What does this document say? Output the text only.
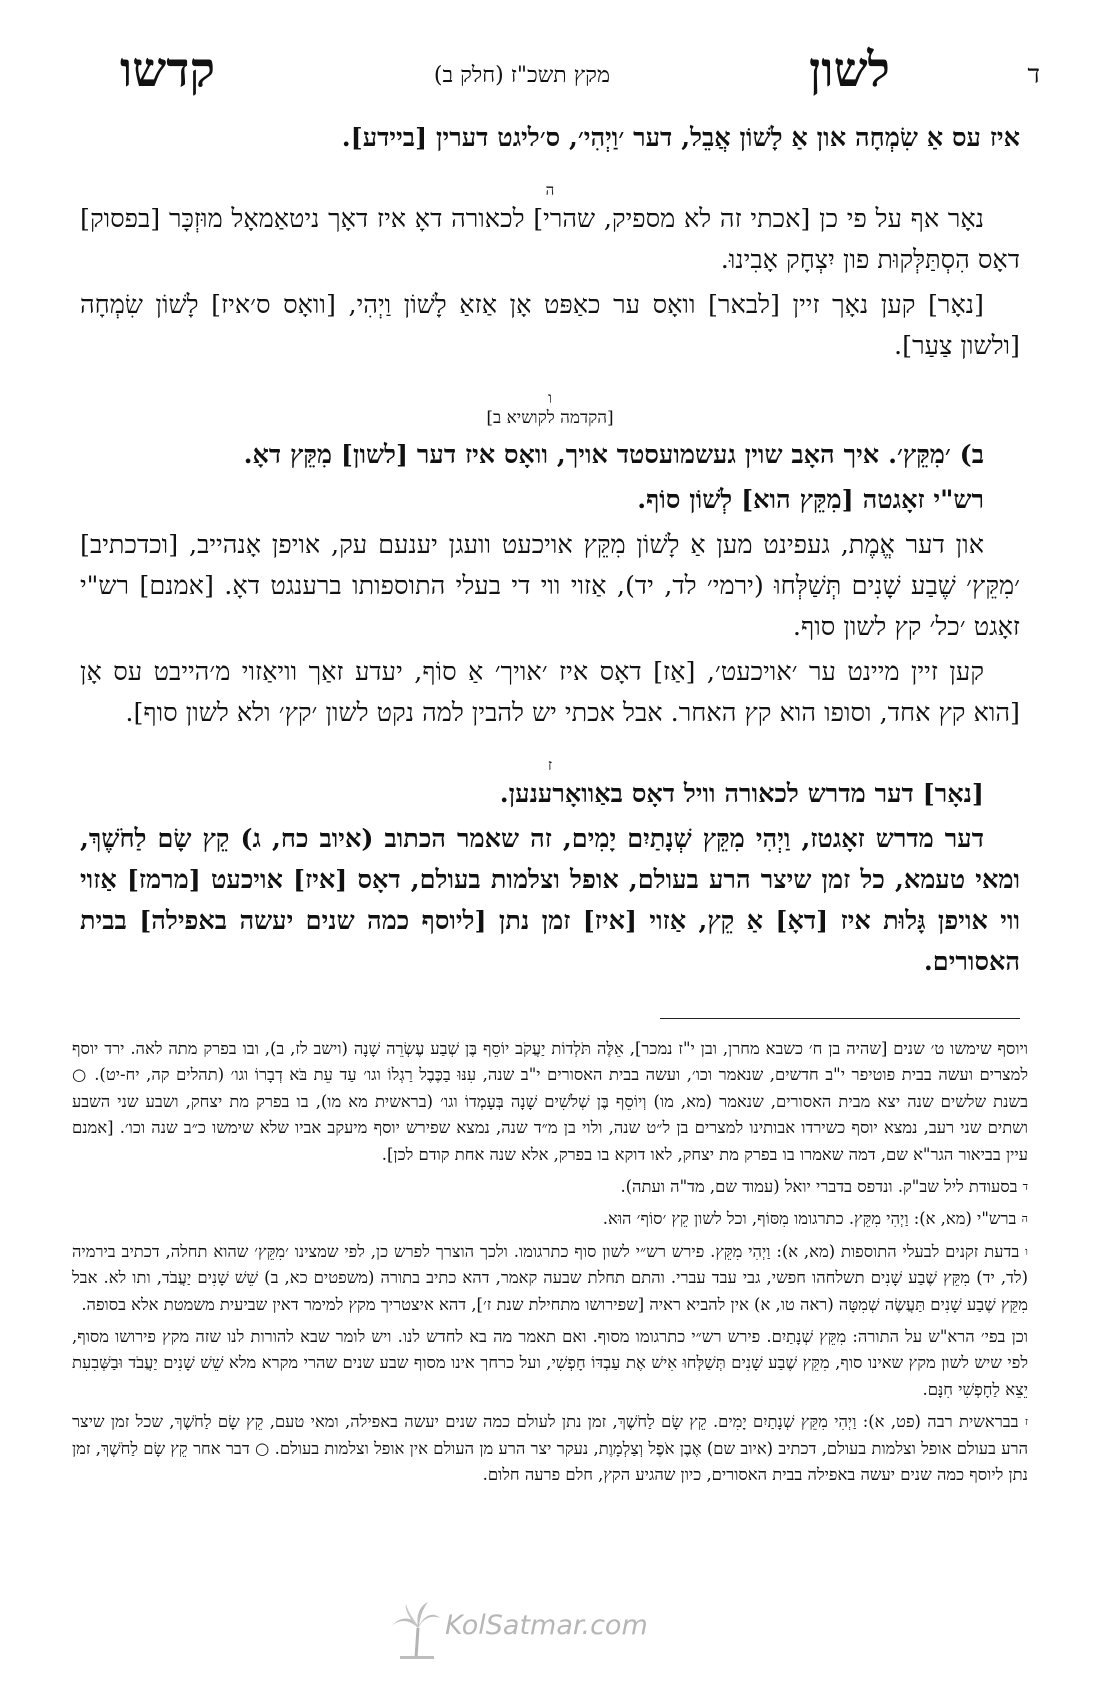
ד
לשון
מקץ תשכ"ז (חלק ב)
קדשו

איז עס אַ שִׂמְחָה און אַ לָשׁוֹן אֲבֵל, דער ׳וַיְהִי׳, ס׳ליגט דערין [ביידע].

ה

נאָר אף על פי כן [אכתי זה לא מספיק, שהרי] לכאורה דאָ איז דאָך ניטאַמאָל מוּזְכָּר [בפסוק] דאָס הִסְתַּלְּקוּת פון יִצְחָק אָבִינוּ.

[נאָר] קען נאָך זיין [לבאר] וואָס ער כאַפּט אָן אַזאַ לָשׁוֹן וַיְהִי, [וואָס ס׳איז] לָשׁוֹן שִׂמְחָה [ולשון צַעַר].

ו
[הקדמה לקושיא ב]

ב) ׳מִקֵּץ׳. איך האָב שוין געשמועסטד אויך, וואָס איז דער [לשון] מִקֵּץ דאָ.

רש"י זאָגטה [מִקֵּץ הוא] לְשׁוֹן סוֹף.

און דער אֱמֶת, געפינט מען אַ לָשׁוֹן מִקֵּץ אויכעט וועגן יענעם עק, אויפן אָנהייב, [וכדכתיב] ׳מִקֵּץ׳ שֶׁבַע שָׁנִים תְּשַׁלְּחוּ (ירמי׳ לד, יד), אַזוי ווי די בעלי התוספותו ברענגט דאָ. [אמנם] רש"י זאָגט ׳כל׳ קץ לשון סוף.

קען זיין מיינט ער ׳אויכעט׳, [אַז] דאָס איז ׳אויך׳ אַ סוֹף, יעדע זאַך וויאַזוי מ׳הייבט עס אָן [הוא קץ אחד, וסופו הוא קץ האחר. אבל אכתי יש להבין למה נקט לשון ׳קץ׳ ולא לשון סוף].

ז

[נאָר] דער מדרש לכאורה וויל דאָס באַוואָרענען.

דער מדרש זאָגטז, וַיְהִי מִקֵּץ שְׁנָתַיִם יָמִים, זה שאמר הכתוב (איוב כח, ג) קֵץ שָׂם לַחֹשֶׁךְ, ומאי טעמא, כל זמן שיצר הרע בעולם, אופל וצלמות בעולם, דאָס [איז] אויכעט [מרמז] אַזוי ווי אויפן גָּלוּת איז [דאָ] אַ קֵץ, אַזוי [איז] זמן נתן [ליוסף כמה שנים יעשה באפילה] בבית האסורים.

ויוסף שימשו ט׳ שנים [שהיה בן ח׳ כשבא מחרן, ובן י"ז נמכר], אֵלֶּה תֹּלְדוֹת יַעֲקֹב יוֹסֵף בֶּן שְׁבַע עֶשְׂרֵה שָׁנָה (וישב לז, ב), ובו בפרק מתה לאה. ירד יוסף למצרים ועשה בבית פוטיפר י"ב חדשים, שנאמר וכו׳, ועשה בבית האסורים י"ב שנה, עִנּוּ בַכֶּבֶל רַגְלוֹ וגו׳ עַד עֵת בֹּא דְבָרוֹ וגו׳ (תהלים קה, יח-יט). ○ בשנת שלשים שנה יצא מבית האסורים, שנאמר (מא, מו) וְיוֹסֵף בֶּן שְׁלֹשִׁים שָׁנָה בְּעָמְדוֹ וגו׳ (בראשית מא מו), בו בפרק מת יצחק, ושבע שני השבע ושתים שני רעב, נמצא יוסף כשירדו אבותינו למצרים בן ל״ט שנה, ולוי בן מ״ד שנה, נמצא שפירש יוסף מיעקב אביו שלא שימשו כ״ב שנה וכו׳. [אמנם עיין בביאור הגר"א שם, דמה שאמרו בו בפרק מת יצחק, לאו דוקא בו בפרק, אלא שנה אחת קודם לכן].

$^ד$ בסעודת ליל שב"ק. ונדפס בדברי יואל (עמוד שם, מד"ה ועתה).

$^ה$ ברש"י (מא, א): וַיְהִי מִקֵּץ. כתרגומו מִסּוֹף, וכל לשון קֵץ ׳סוֹף׳ הוּא.

$^ו$ בדעת זקנים לבעלי התוספות (מא, א): וַיְהִי מִקֵּץ. פירש רש״י לשון סוף כתרגומו. ולכך הוצרך לפרש כן, לפי שמצינו ׳מִקֵּץ׳ שהוא תחלה, דכתיב בירמיה (לד, יד) מִקֵּץ שֶׁבַע שָׁנִים תשלחהו חפשי, גבי עבד עברי. והתם תחלת שבעה קאמר, דהא כתיב בתורה (משפטים כא, ב) שֵׁשׁ שָׁנִים יַעֲבֹד, ותו לא. אבל מִקֵּץ שֶׁבַע שָׁנִים תַּעֲשֶׂה שְׁמִטָּה (ראה טו, א) אין להביא ראיה [שפירושו מתחילת שנת ז׳], דהא איצטריך מקץ למימר דאין שביעית משמטת אלא בסופה.

וכן בפי׳ הרא"ש על התורה: מִקֵּץ שְׁנָתַיִם. פירש רש״י כתרגומו מסוף. ואם תאמר מה בא לחדש לנו. ויש לומר שבא להורות לנו שזה מקץ פירושו מסוף, לפי שיש לשון מקץ שאינו סוף, מִקֵּץ שֶׁבַע שָׁנִים תְּשַׁלְּחוּ אִישׁ אֶת עַבְדּוֹ חָפְשִׁי, ועל כרחך אינו מסוף שבע שנים שהרי מקרא מלא שֵׁשׁ שָׁנִים יַעֲבֹד וּבַשְּׁבִעִת יֵצֵא לַחָפְשִׁי חִנָּם.

$^ז$ בבראשית רבה (פט, א): וַיְהִי מִקֵּץ שְׁנָתַיִם יָמִים. קֵץ שָׂם לַחֹשֶׁךְ, זמן נתן לעולם כמה שנים יעשה באפילה, ומאי טעם, קֵץ שָׂם לַחֹשֶׁךְ, שכל זמן שיצר הרע בעולם אופל וצלמות בעולם, דכתיב (איוב שם) אֶבֶן אֹפֶל וְצַלְמָוֶת, נעקר יצר הרע מן העולם אין אופל וצלמות בעולם. ○ דבר אחר קֵץ שָׂם לַחֹשֶׁךְ, זמן נתן ליוסף כמה שנים יעשה באפילה בבית האסורים, כיון שהגיע הקץ, חלם פרעה חלום.

KolSatmar.com
